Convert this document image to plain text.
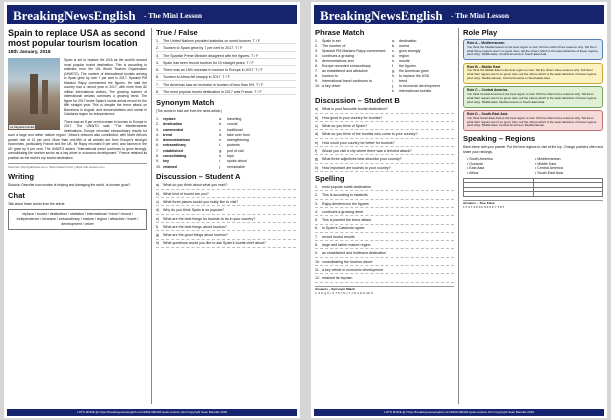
BreakingNewsEnglish $^{- The Mini Lesson}$
Spain to replace USA as second most popular tourism location
18th January, 2018
La Sagrada Familia

Spain is set to replace the USA as the world's second most popular tourist destination. This is according to statistics from the UN World Tourism Organization (UNWTO). The number of international tourists arriving in Spain grew by over 7 per cent in 2017. Spanish PM Mariano Rajoy commented the figures. He said the country had a record year in 2017, with more than 82 million international visitors. The growing number of international arrivals continues a growing trend. The figure for 2017 broke Spain's tourist arrival record for the fifth straight year. This is despite the terror attack on Barcelona in August, and demonstrations and unrest in Catalonia region for independence.

There was an 8 per cent increase in tourism to Europe in 2017. The UNWTO said, "The Mediterranean destinations, Europe recorded extraordinary results for such a large and rather mature region." Africa's rebound also contributed, with North Africa's growth rate of 13 per cent. More than one-fifth of all arrivals are from Europe's stronger economies, particularly France and the UK. Mr Rajoy recorded 9 per cent, and tourism in the UK grew by 5 per cent. The UNWTO added: "International travel continues to grow strongly, consolidating the tourism sector as a key driver in economic development." France retained its position as the world's top tourist destination.

Sources: http://gulfnews.com | https://www.ft.com | https://uk.reuters.com
Writing

Discuss: Describe how tourism is helping and damaging the world. Is tourism good?

Chat

Talk about these words from the article.

replace / tourist / destination / statistics / international / trend / record / independence / increase / extraordinary / mature / region / attractive / travel / development / driver
True / False
1.	The United Nations provided statistics on world tourism. T / F
2.	Tourism to Spain grew by 7 per cent in 2017. T / F
3.	The Spanish Prime Minister disagreed with the figures. T / F
4.	Spain has seen record tourism for 10 straight years. T / F
5.	There was an 18% increase in tourism to Europe in 2017. T / F
6.	Tourism to Africa fell sharply in 2017. T / F
7.	The Americas saw an increase in tourism of less than 6%. T / F
8.	The most popular tourist destination in 2017 was France. T / F
Synonym Match
(The words in bold are from the news article.)
1.	replace	a.	travelling
2.	destination	b.	crucial
3.	commented	c.	traditional
4.	trend	d.	take over from
5.	demonstrations	e.	strengthening
6.	extraordinary	f.	protests
7.	established	g.	port of call
8.	consolidating	h.	tops
9.	key	i.	spoke about
10. retained	j.	remarkable
Discussion – Student A
a)	What do you think about what you read?
b)	What kind of tourist are you?
c)	What three places would you really like to visit?
d)	Why do you think Spain is so popular?
e)	What are the best things for tourists to do in your country?
f)	What are the best things about tourism?
g)	What are the good things about tourism?
h)	What questions would you like to ask Spain's tourist chief about?
LOTS MORE @ https://breakingnewsenglish.com/1801/180118-spain-tourism.html Copyright Sean Banville 2018
BreakingNewsEnglish $^{- The Mini Lesson}$
Phrase Match
1.	Spain is set	a.	destination
2.	The number of	b.	unrest
3.	Spanish PM Mariano Rajoy commented	c.	grow strongly
4.	continues a growing	d.	region
5.	demonstrations and	e.	results
6.	Europe recorded extraordinary	f.	the figures
7.	an established and attractive	g.	the Americas grew
8.	tourism to	h.	to replace the USA
9.	International travel continues to	i.	trend
10. a key driver	j.	in economic development
k.	international tourists
Discussion – Student B
a)	What is your favourite tourist destination?
b)	How good is your country for tourists?
c)	What do you think of Spain?
d)	What do you think of the tourists who come to your country?
e)	How could your country be better for tourists?
f)	Would you visit a city where there was a terrorist attack?
g)	What three adjectives best describe your country?
h)	How important are tourists to your country?
Spelling
1.	most popular tuirstt destination
2.	This is according to sstaticits
3.	Rajoy demtencmo the figures
4.	continues a growing drnet
5.	This is pseetid the terror attack
6.	in Spain's Catalonia ngoier
7.	record tourist results
8.	large and rather mature region
9.	an established and trcitteava destination
10. consolidating the tourism ctsore
11. a key veindr in economic development
12. retained its topostn
Answers – Synonym Match
1. d 2. g 3. i 4. ? 5. f 6. j 7. c 8. e 9. b 10. h
Role Play
Role A – Mediterranean
You think the Mediterranean is the best region to visit. Tell the others three reasons why. Tell them what these regions aren't so good. Also, tell the others which is the least attractive of these regions (and why): Middle East, Central America or South-East Asia.
Role B – Middle East
You think the Middle East is the best region to visit. Tell the others three reasons why. Tell them what their regions aren't so good. Also, tell the others which is the least attractive of these regions (and why): Mediterranean, Central America or South-East Asia.
Role C – Central America
You think Central America is the best region to visit. Tell the others three reasons why. Tell them what their regions aren't so good. Also, tell the others which is the least attractive of these regions (and why): Middle East, Mediterranean or South-East Asia.
Role D – South-East Asia
You think South-East Asia is the best region to visit. Tell the others three reasons why. Tell them what their regions aren't so good. Also, tell the others which is the least attractive of these regions (and why): Middle East, Central America or Mediterranean.
Speaking – Regions

Rank these with your partner. Put the best regions to visit at the top. Change partners often and share your rankings.

• South America	• Mediterranean
• Oceania	• Middle East
• East Asia	• Central America
• Africa	• South-East Asia

Answers – True False
1 T 2 T 3 F 4 F 5 F 6 F 7 T 8 T
LOTS MORE @ https://breakingnewsenglish.com/1801/180118-spain-tourism.html Copyright Sean Banville 2018
